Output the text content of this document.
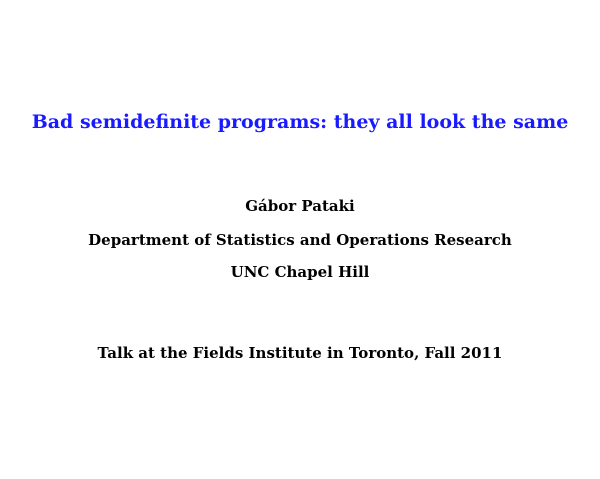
Bad semidefinite programs: they all look the same
Gábor Pataki
Department of Statistics and Operations Research
UNC Chapel Hill
Talk at the Fields Institute in Toronto, Fall 2011
